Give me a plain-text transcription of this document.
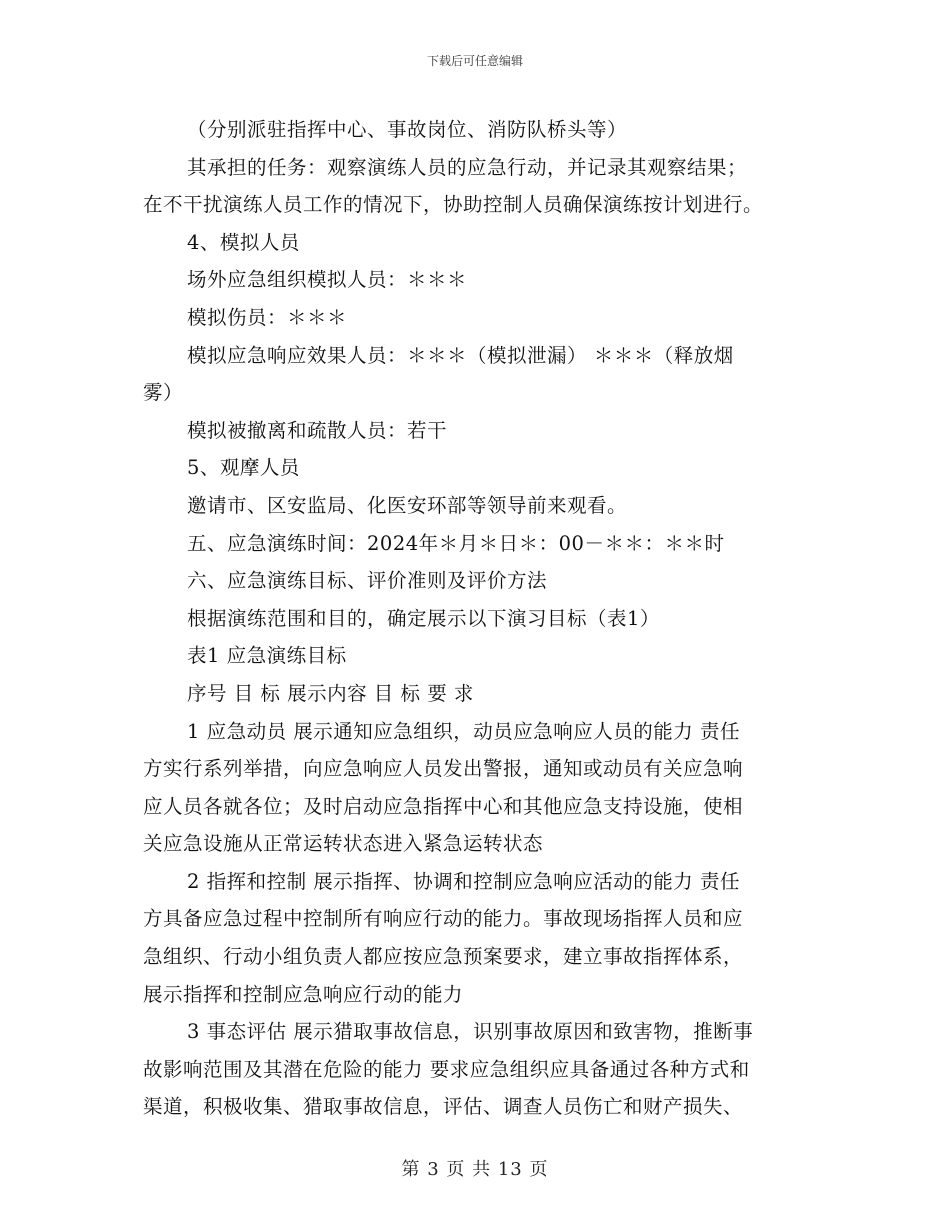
下载后可任意编辑

（分别派驻指挥中心、事故岗位、消防队桥头等）

其承担的任务：观察演练人员的应急行动，并记录其观察结果；

在不干扰演练人员工作的情况下，协助控制人员确保演练按计划进行。

4、模拟人员

场外应急组织模拟人员：＊＊＊

模拟伤员：＊＊＊

模拟应急响应效果人员：＊＊＊（模拟泄漏） ＊＊＊（释放烟

雾）

模拟被撤离和疏散人员：若干

5、观摩人员

邀请市、区安监局、化医安环部等领导前来观看。

五、应急演练时间：2024年＊月＊日＊：00－＊＊：＊＊时

六、应急演练目标、评价准则及评价方法

根据演练范围和目的，确定展示以下演习目标（表1）

表1 应急演练目标

序号 目 标 展示内容 目 标 要 求

1 应急动员 展示通知应急组织，动员应急响应人员的能力 责任

方实行系列举措，向应急响应人员发出警报，通知或动员有关应急响

应人员各就各位；及时启动应急指挥中心和其他应急支持设施，使相

关应急设施从正常运转状态进入紧急运转状态

2 指挥和控制 展示指挥、协调和控制应急响应活动的能力 责任

方具备应急过程中控制所有响应行动的能力。事故现场指挥人员和应

急组织、行动小组负责人都应按应急预案要求，建立事故指挥体系，

展示指挥和控制应急响应行动的能力

3 事态评估 展示猎取事故信息，识别事故原因和致害物，推断事

故影响范围及其潜在危险的能力 要求应急组织应具备通过各种方式和

渠道，积极收集、猎取事故信息，评估、调查人员伤亡和财产损失、

第 3 页 共 13 页
